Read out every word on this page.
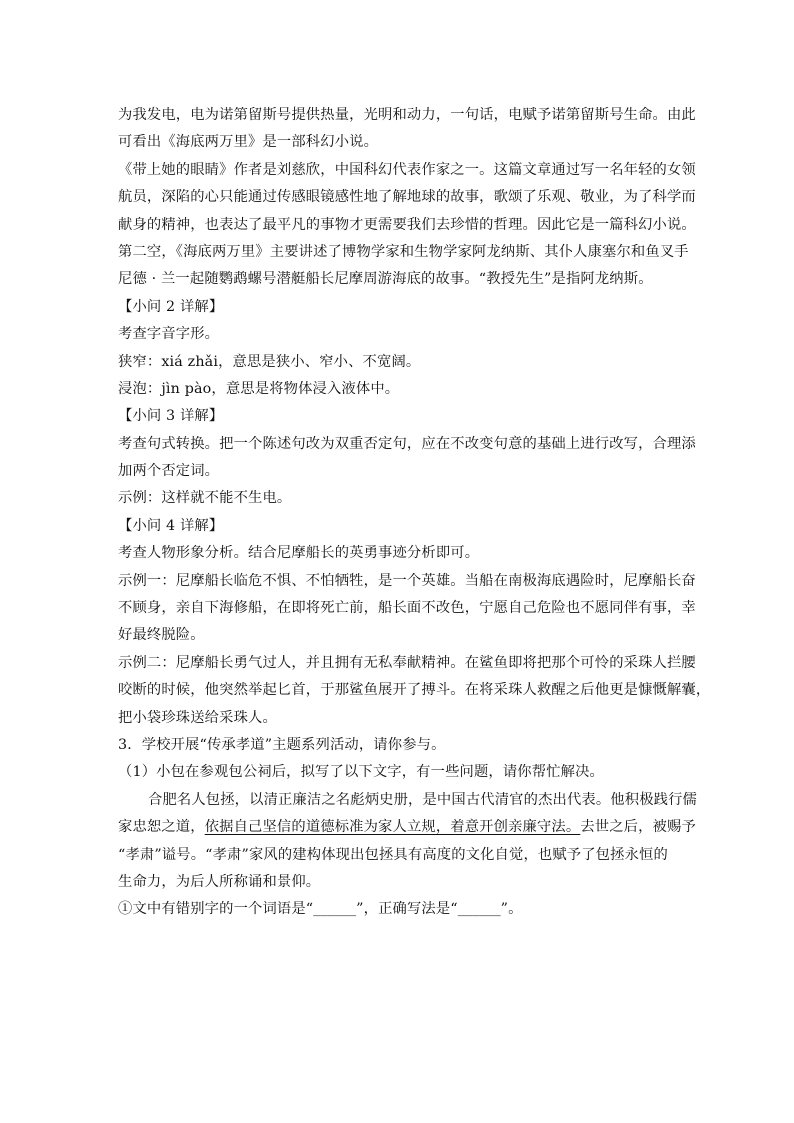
为我发电，电为诺第留斯号提供热量，光明和动力，一句话，电赋予诺第留斯号生命。由此
可看出《海底两万里》是一部科幻小说。
《带上她的眼睛》作者是刘慈欣，中国科幻代表作家之一。这篇文章通过写一名年轻的女领
航员，深陷的心只能通过传感眼镜感性地了解地球的故事，歌颂了乐观、敬业，为了科学而
献身的精神，也表达了最平凡的事物才更需要我们去珍惜的哲理。因此它是一篇科幻小说。
第二空，《海底两万里》主要讲述了博物学家和生物学家阿龙纳斯、其仆人康塞尔和鱼叉手
尼德 · 兰一起随鹦鹉螺号潜艇船长尼摩周游海底的故事。“教授先生”是指阿龙纳斯。
【小问 2 详解】
考查字音字形。
狭窄：xiá zhǎi，意思是狭小、窄小、不宽阔。
浸泡：jìn pào，意思是将物体浸入液体中。
【小问 3 详解】
考查句式转换。把一个陈述句改为双重否定句，应在不改变句意的基础上进行改写，合理添
加两个否定词。
示例：这样就不能不生电。
【小问 4 详解】
考查人物形象分析。结合尼摩船长的英勇事迹分析即可。
示例一：尼摩船长临危不惧、不怕牺牲，是一个英雄。当船在南极海底遇险时，尼摩船长奋
不顾身，亲自下海修船，在即将死亡前，船长面不改色，宁愿自己危险也不愿同伴有事，幸
好最终脱险。
示例二：尼摩船长勇气过人，并且拥有无私奉献精神。在鲨鱼即将把那个可怜的采珠人拦腰
咬断的时候，他突然举起匕首，于那鲨鱼展开了搏斗。在将采珠人救醒之后他更是慷慨解囊，
把小袋珍珠送给采珠人。
3．学校开展“传承孝道”主题系列活动，请你参与。
（1）小包在参观包公祠后，拟写了以下文字，有一些问题，请你帮忙解决。
合肥名人包拯，以清正廉洁之名彪炳史册，是中国古代清官的杰出代表。他积极践行儒
家忠恕之道，依据自己坚信的道德标准为家人立规，着意开创亲廉守法。去世之后，被赐予
“孝肃”谥号。“孝肃”家风的建构体现出包拯具有高度的文化自觉，也赋予了包拯永恒的
生命力，为后人所称诵和景仰。
①文中有错别字的一个词语是“______”，正确写法是“______”。
